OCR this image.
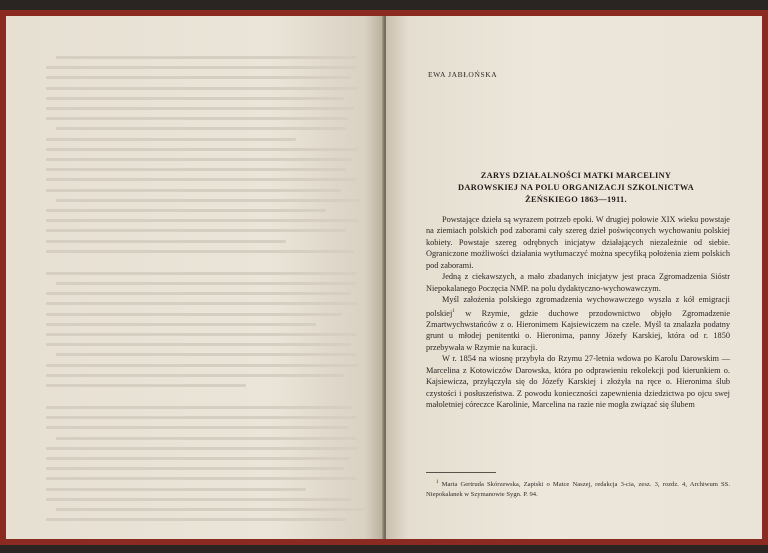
EWA JABŁOŃSKA
ZARYS DZIAŁALNOŚCI MATKI MARCELINY
DAROWSKIEJ NA POLU ORGANIZACJI SZKOLNICTWA
ŻEŃSKIEGO 1863—1911.

Powstające dzieła są wyrazem potrzeb epoki. W drugiej połowie XIX wieku powstaje na ziemiach polskich pod zaborami cały szereg dzieł poświęconych wychowaniu polskiej kobiety. Powstaje szereg odrębnych inicjatyw działających niezależnie od siebie. Ograniczone możliwości działania wytłumaczyć można specyfiką położenia ziem polskich pod zaborami.

Jedną z ciekawszych, a mało zbadanych inicjatyw jest praca Zgromadzenia Sióstr Niepokalanego Poczęcia NMP. na polu dydaktyczno-wychowawczym.

Myśl założenia polskiego zgromadzenia wychowawczego wyszła z kół emigracji polskiej$^1$ w Rzymie, gdzie duchowe przodownictwo objęło Zgromadzenie Zmartwychwstańców z o. Hieronimem Kajsiewiczem na czele. Myśl ta znalazła podatny grunt u młodej penitentki o. Hieronima, panny Józefy Karskiej, która od r. 1850 przebywała w Rzymie na kuracji.

W r. 1854 na wiosnę przybyła do Rzymu 27-letnia wdowa po Karolu Darowskim — Marcelina z Kotowiczów Darowska, która po odprawieniu rekolekcji pod kierunkiem o. Kajsiewicza, przyłączyła się do Józefy Karskiej i złożyła na ręce o. Hieronima ślub czystości i posłuszeństwa. Z powodu konieczności zapewnienia dziedzictwa po ojcu swej małoletniej córeczce Karolinie, Marcelina na razie nie mogła związać się ślubem

$^1$ Maria Gertruda Skórzewska, Zapiski o Matce Naszej, redakcja 3-cia, zesz. 3, rozdz. 4, Archiwum SS. Niepokalanek w Szymanowie Sygn. P. 94.
